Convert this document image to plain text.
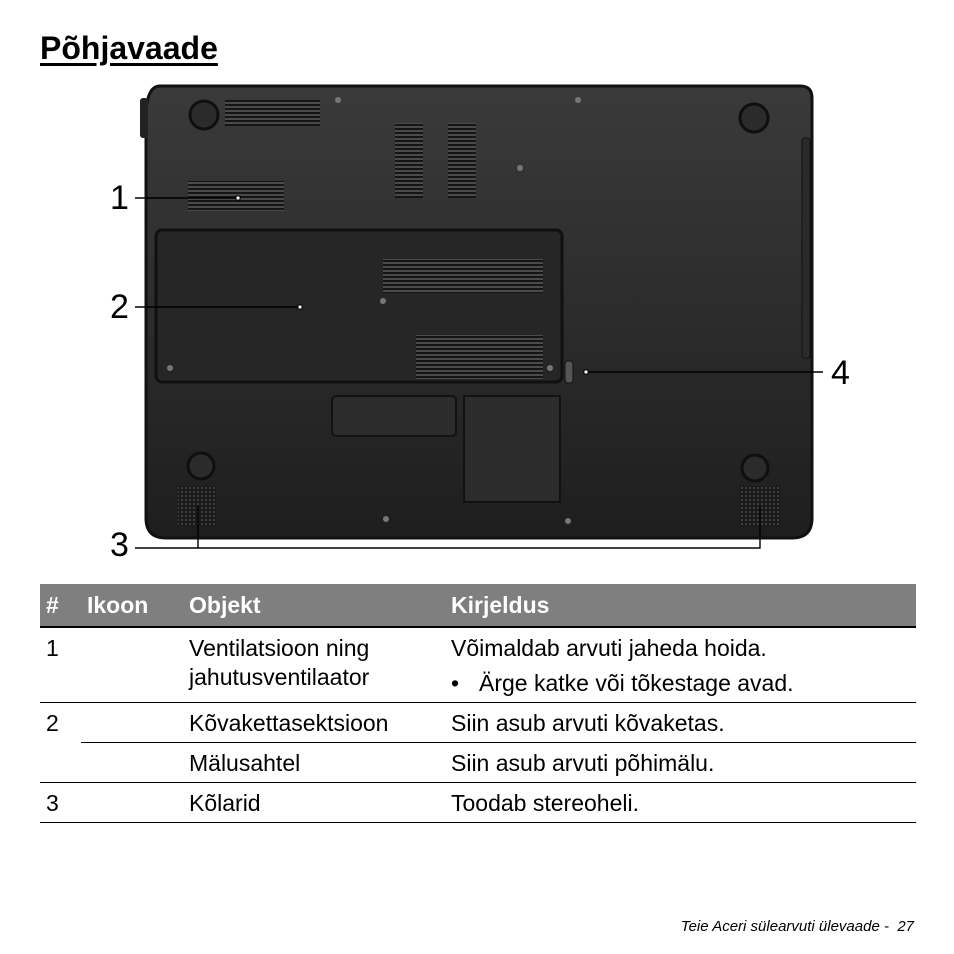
Põhjavaade
1
2
3
4
#	Ikoon	Objekt	Kirjeldus
1		Ventilatsioon ning jahutusventilaator	Võimaldab arvuti jaheda hoida.
• Ärge katke või tõkestage avad.

2		Kõvakettasektsioon	Siin asub arvuti kõvaketas.
		Mälusahtel	Siin asub arvuti põhimälu.
3		Kõlarid	Toodab stereoheli.
Teie Aceri sülearvuti ülevaade - 27
